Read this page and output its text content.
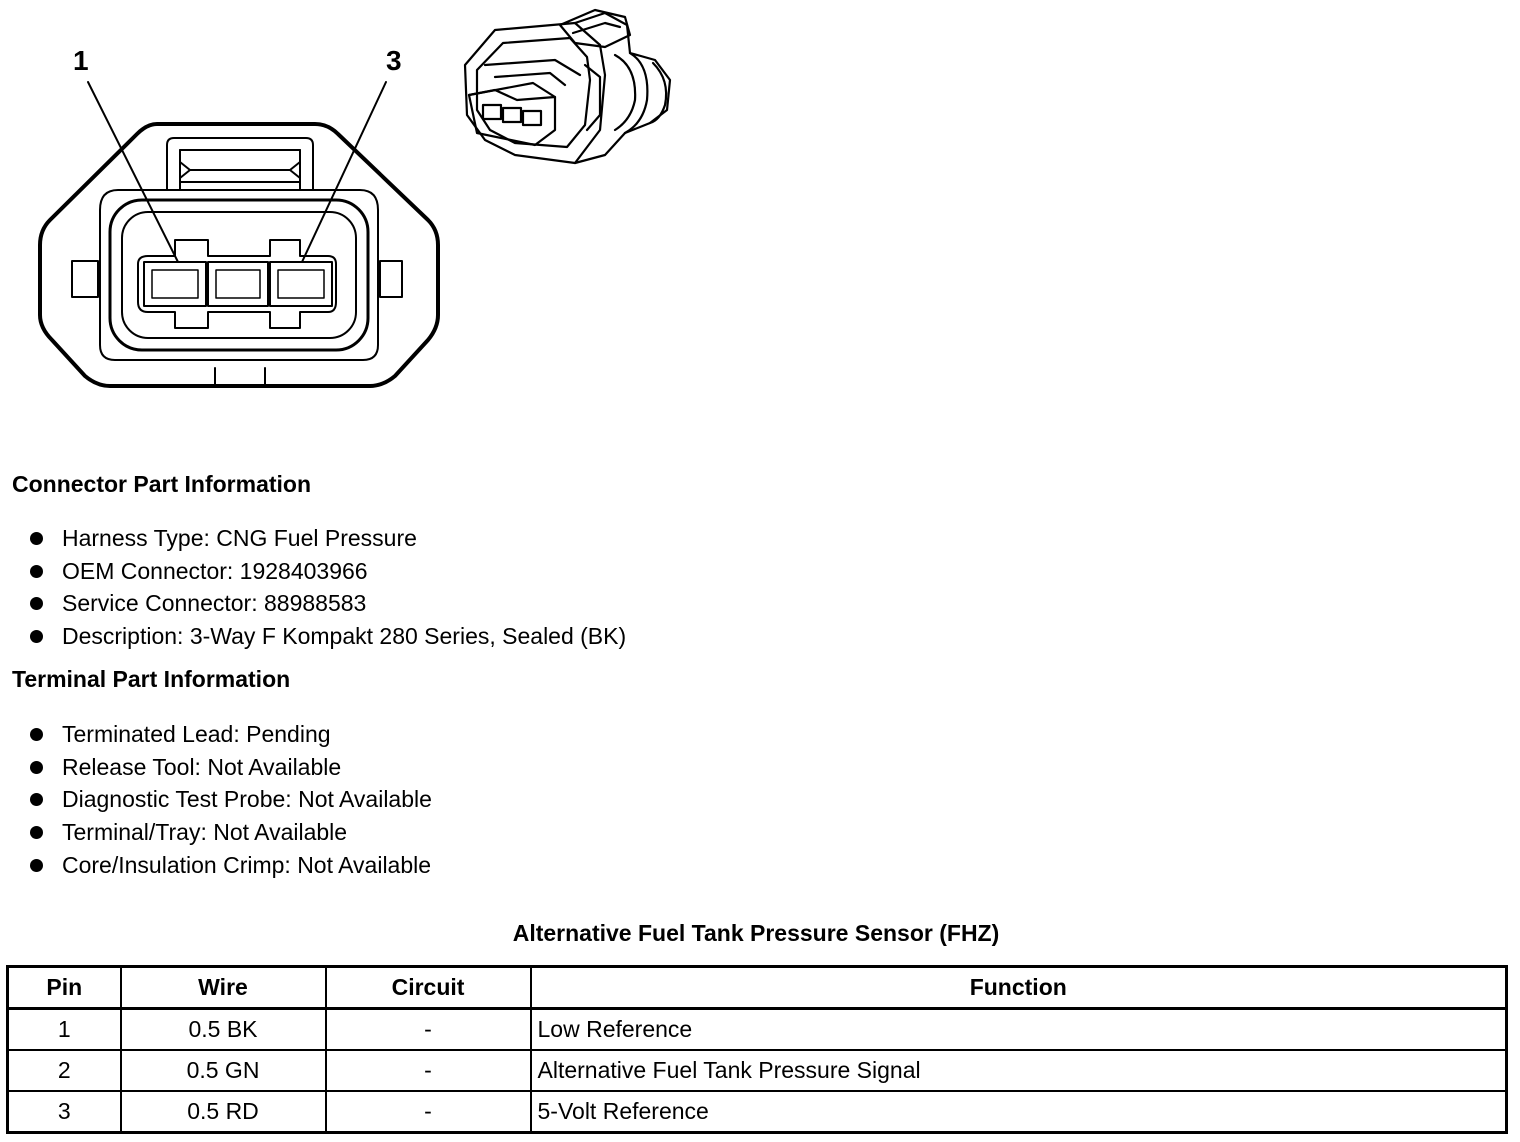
1	3
Connector Part Information
Harness Type: CNG Fuel Pressure
OEM Connector: 1928403966
Service Connector: 88988583
Description: 3-Way F Kompakt 280 Series, Sealed (BK)
Terminal Part Information
Terminated Lead: Pending
Release Tool: Not Available
Diagnostic Test Probe: Not Available
Terminal/Tray: Not Available
Core/Insulation Crimp: Not Available
Alternative Fuel Tank Pressure Sensor (FHZ)
Pin	Wire	Circuit	Function
1	0.5 BK	-	Low Reference
2	0.5 GN	-	Alternative Fuel Tank Pressure Signal
3	0.5 RD	-	5-Volt Reference
